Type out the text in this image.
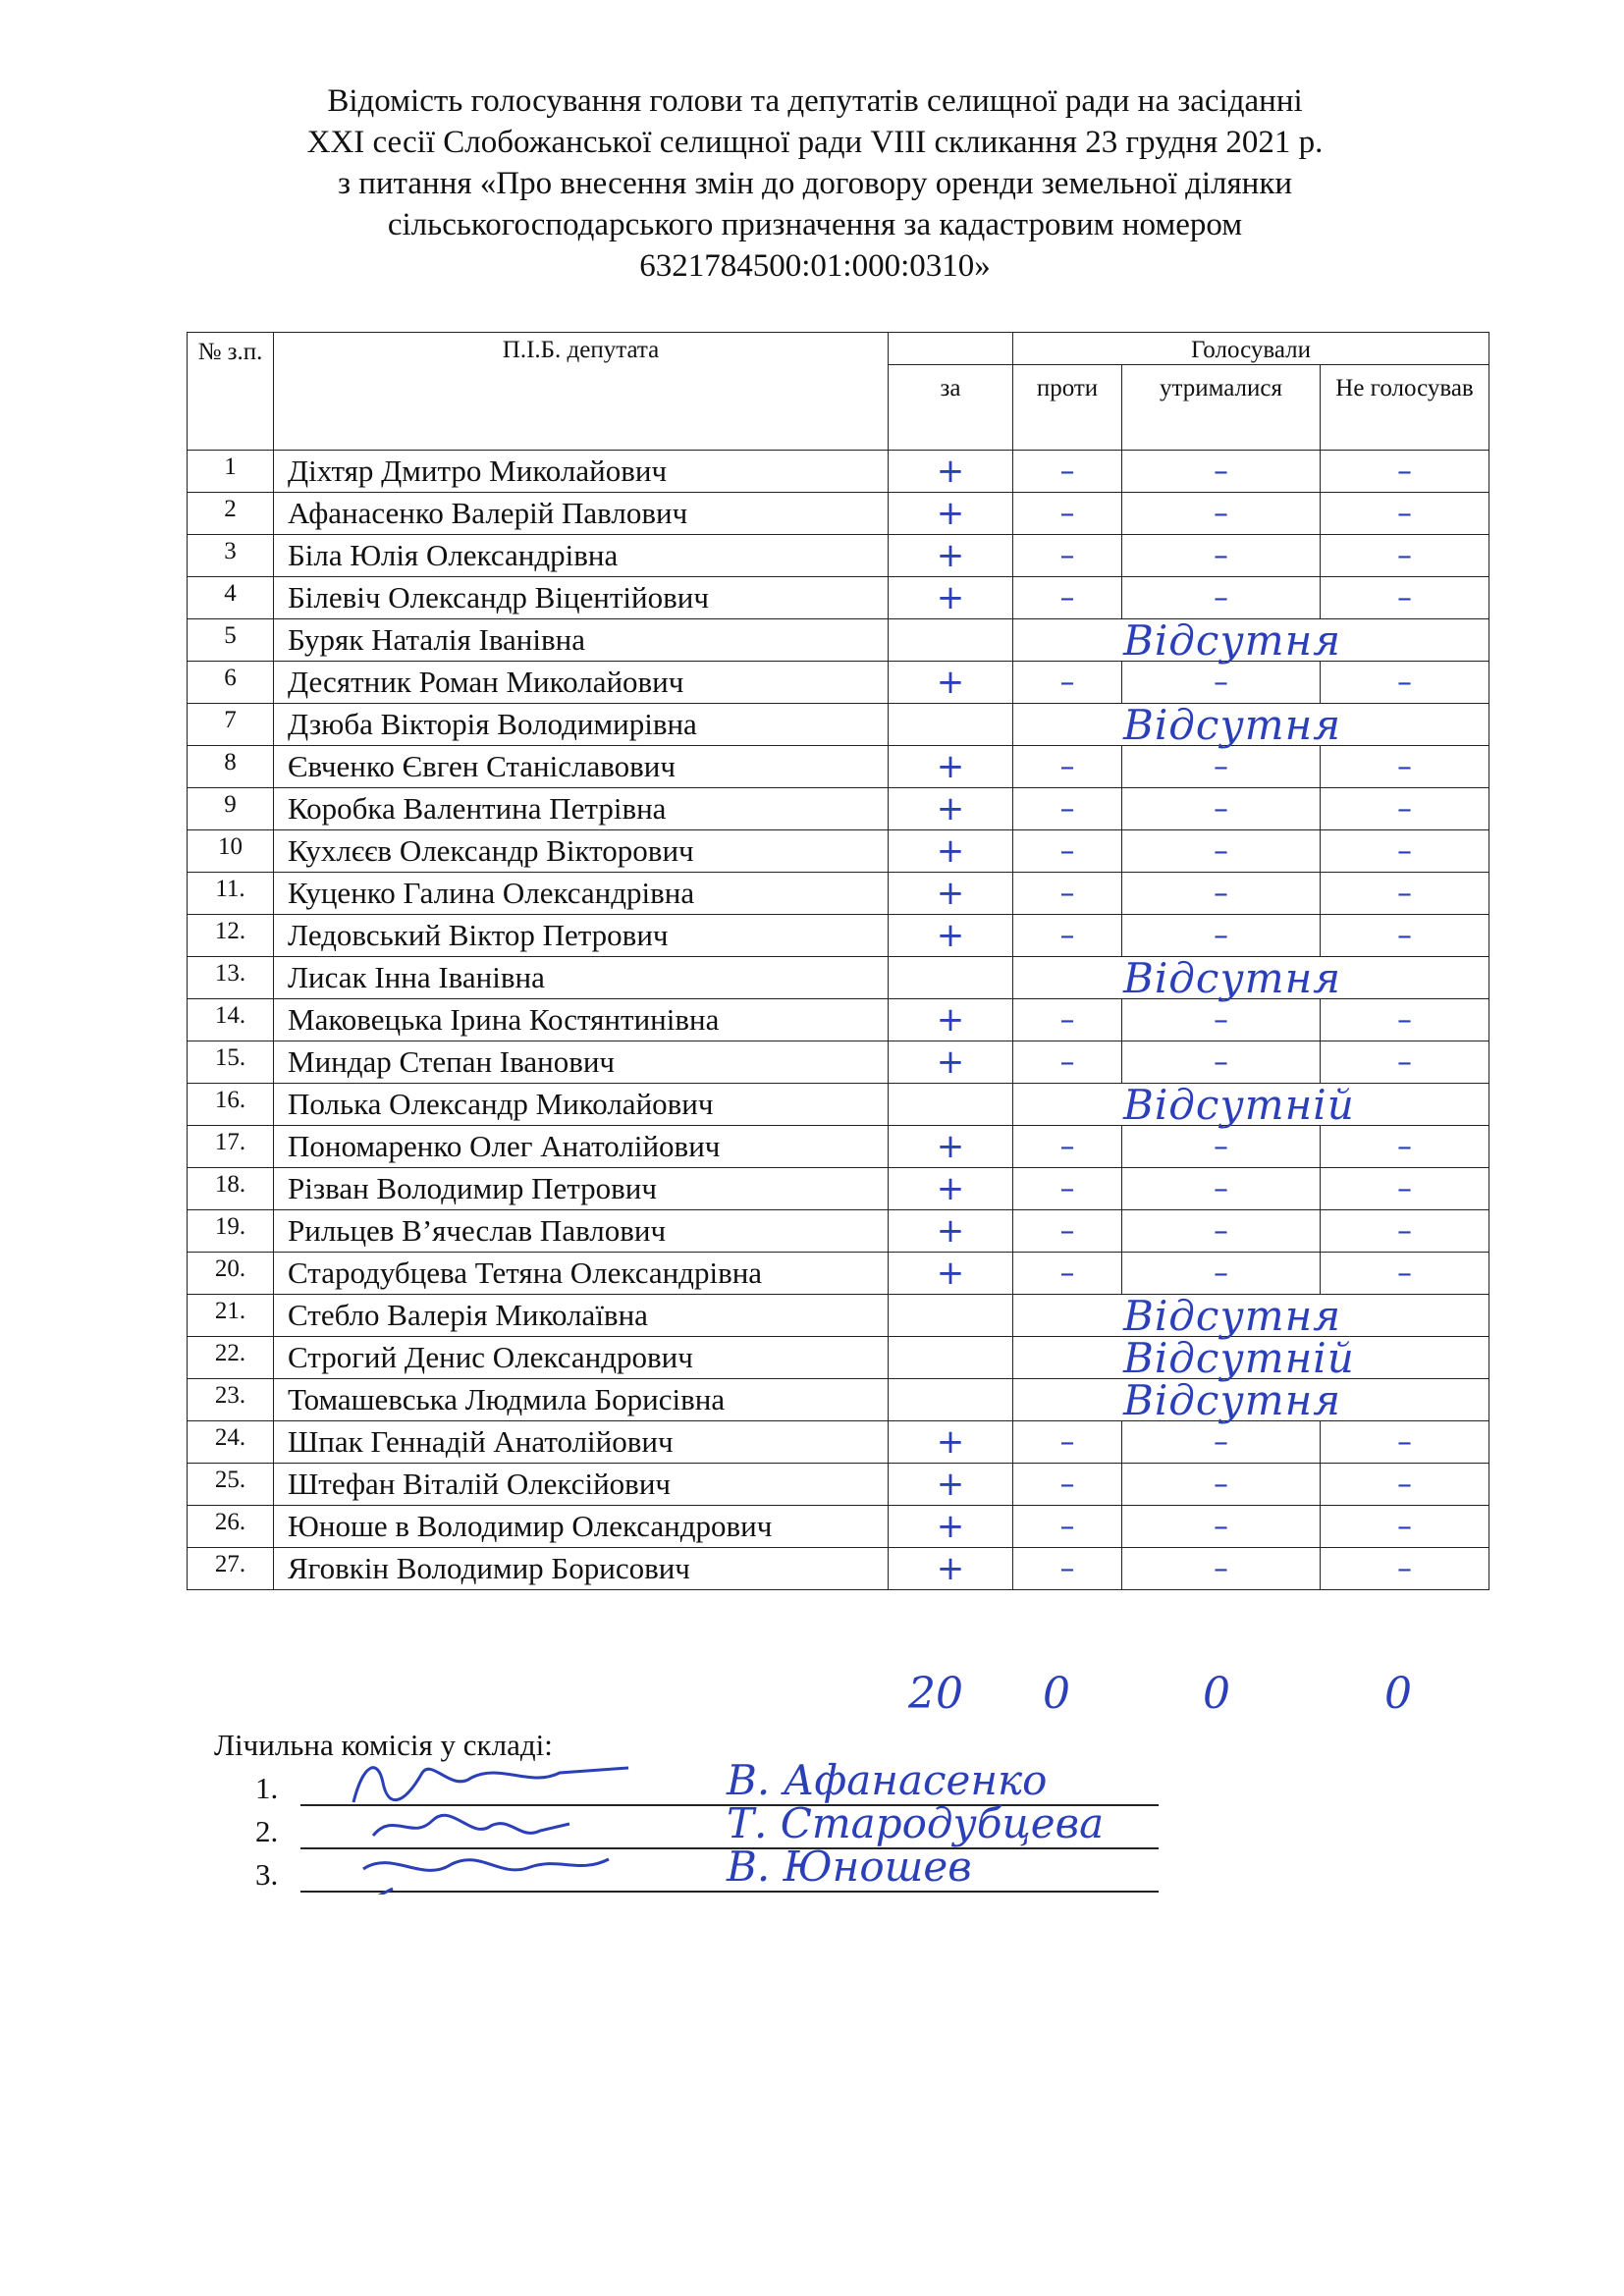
Відомість голосування голови та депутатів селищної ради на засіданні
XXI сесії Слобожанської селищної ради VIII скликання 23 грудня 2021 р.
з питання «Про внесення змін до договору оренди земельної ділянки
сільськогосподарського призначення за кадастровим номером
6321784500:01:000:0310»
№ з.п.	П.І.Б. депутата		Голосували		
		за	проти	утрималися	Не голосував
1	Діхтяр Дмитро Миколайович	+	–	–	–
2	Афанасенко Валерій Павлович	+	–	–	–
3	Біла Юлія Олександрівна	+	–	–	–
4	Білевіч Олександр Віцентійович	+	–	–	–
5	Буряк Наталія Іванівна		Відсутня		
6	Десятник Роман Миколайович	+	–	–	–
7	Дзюба Вікторія Володимирівна		Відсутня		
8	Євченко Євген Станіславович	+	–	–	–
9	Коробка Валентина Петрівна	+	–	–	–
10	Кухлєєв Олександр Вікторович	+	–	–	–
11.	Куценко Галина Олександрівна	+	–	–	–
12.	Ледовський Віктор Петрович	+	–	–	–
13.	Лисак Інна Іванівна		Відсутня		
14.	Маковецька Ірина Костянтинівна	+	–	–	–
15.	Миндар Степан Іванович	+	–	–	–
16.	Полька Олександр Миколайович		Відсутній		
17.	Пономаренко Олег Анатолійович	+	–	–	–
18.	Різван Володимир Петрович	+	–	–	–
19.	Рильцев В’ячеслав Павлович	+	–	–	–
20.	Стародубцева Тетяна Олександрівна	+	–	–	–
21.	Стебло Валерія Миколаївна		Відсутня		
22.	Строгий Денис Олександрович		Відсутній		
23.	Томашевська Людмила Борисівна		Відсутня		
24.	Шпак Геннадій Анатолійович	+	–	–	–
25.	Штефан Віталій Олексійович	+	–	–	–
26.	Юноше в Володимир Олександрович	+	–	–	–
27.	Яговкін Володимир Борисович	+	–	–	–
20 0	0	0
Лічильна комісія у складі:
1.	В. Афанасенко
2.	Т. Стародубцева
3.	В. Юношев
